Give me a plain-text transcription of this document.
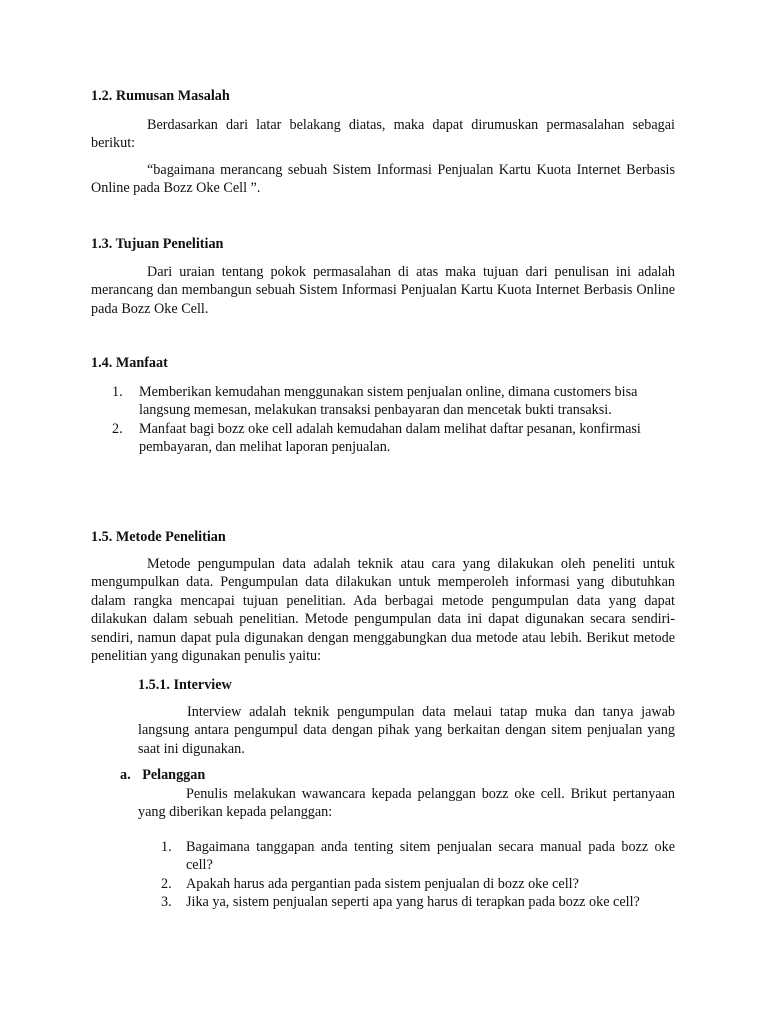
1.2. Rumusan Masalah

Berdasarkan dari latar belakang diatas, maka dapat dirumuskan permasalahan sebagai berikut:

“bagaimana merancang sebuah Sistem Informasi Penjualan Kartu Kuota Internet Berbasis Online pada Bozz Oke Cell ”.

1.3. Tujuan Penelitian

Dari uraian tentang pokok permasalahan di atas maka tujuan dari penulisan ini adalah merancang dan membangun sebuah Sistem Informasi Penjualan Kartu Kuota Internet Berbasis Online pada Bozz Oke Cell.

1.4. Manfaat
1. Memberikan kemudahan menggunakan sistem penjualan online, dimana customers bisa langsung memesan, melakukan transaksi penbayaran dan mencetak bukti transaksi.
2. Manfaat bagi bozz oke cell adalah kemudahan dalam melihat daftar pesanan, konfirmasi pembayaran, dan melihat laporan penjualan.
1.5. Metode Penelitian

Metode pengumpulan data adalah teknik atau cara yang dilakukan oleh peneliti untuk mengumpulkan data. Pengumpulan data dilakukan untuk memperoleh informasi yang dibutuhkan dalam rangka mencapai tujuan penelitian. Ada berbagai metode pengumpulan data yang dapat dilakukan dalam sebuah penelitian. Metode pengumpulan data ini dapat digunakan secara sendiri-sendiri, namun dapat pula digunakan dengan menggabungkan dua metode atau lebih. Berikut metode penelitian yang digunakan penulis yaitu:

1.5.1. Interview

Interview adalah teknik pengumpulan data melaui tatap muka dan tanya jawab langsung antara pengumpul data dengan pihak yang berkaitan dengan sitem penjualan yang saat ini digunakan.

a. Pelanggan

Penulis melakukan wawancara kepada pelanggan bozz oke cell. Brikut pertanyaan yang diberikan kepada pelanggan:

1. Bagaimana tanggapan anda tenting sitem penjualan secara manual pada bozz oke cell?
2. Apakah harus ada pergantian pada sistem penjualan di bozz oke cell?
3. Jika ya, sistem penjualan seperti apa yang harus di terapkan pada bozz oke cell?
